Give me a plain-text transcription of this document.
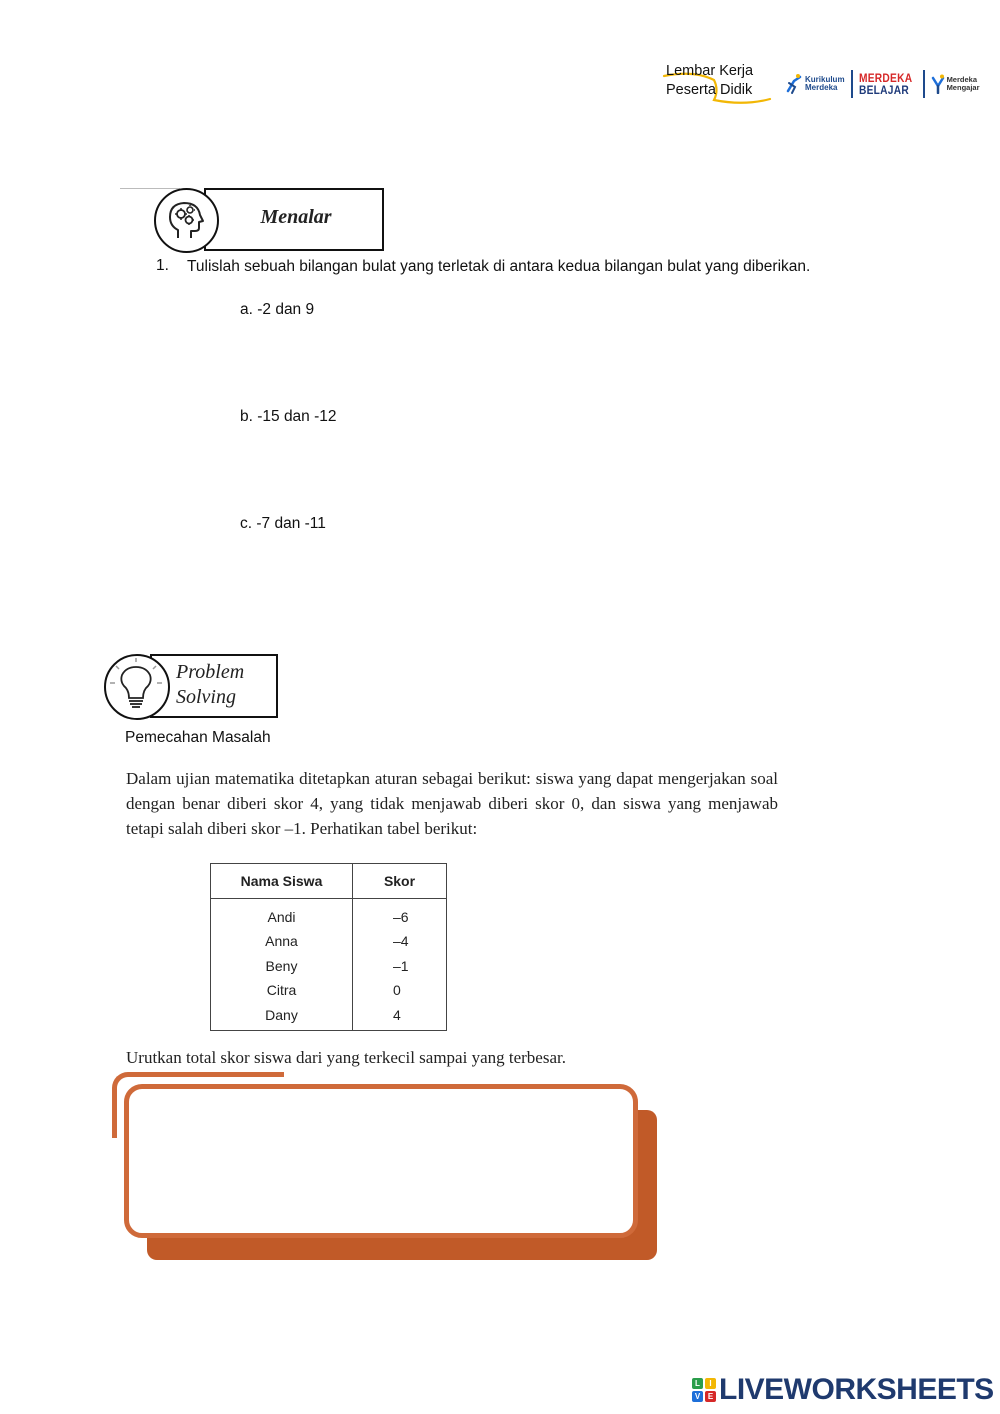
Lembar Kerja
Peserta Didik
Kurikulum
Merdeka
MERDEKA
BELAJAR
Merdeka
Mengajar
Menalar
1. Tulislah sebuah bilangan bulat yang terletak di antara kedua bilangan bulat yang diberikan.
a. -2 dan 9
b. -15 dan -12
c. -7 dan -11
Problem
Solving
Pemecahan Masalah
Dalam ujian matematika ditetapkan aturan sebagai berikut: siswa yang dapat mengerjakan soal dengan benar diberi skor 4, yang tidak menjawab diberi skor 0, dan siswa yang menjawab tetapi salah diberi skor –1. Perhatikan tabel berikut:
Nama Siswa	Skor
Andi	–6
Anna	–4
Beny	–1
Citra	0
Dany	4
Urutkan total skor siswa dari yang terkecil sampai yang terbesar.
L	I
V E LIVEWORKSHEETS
